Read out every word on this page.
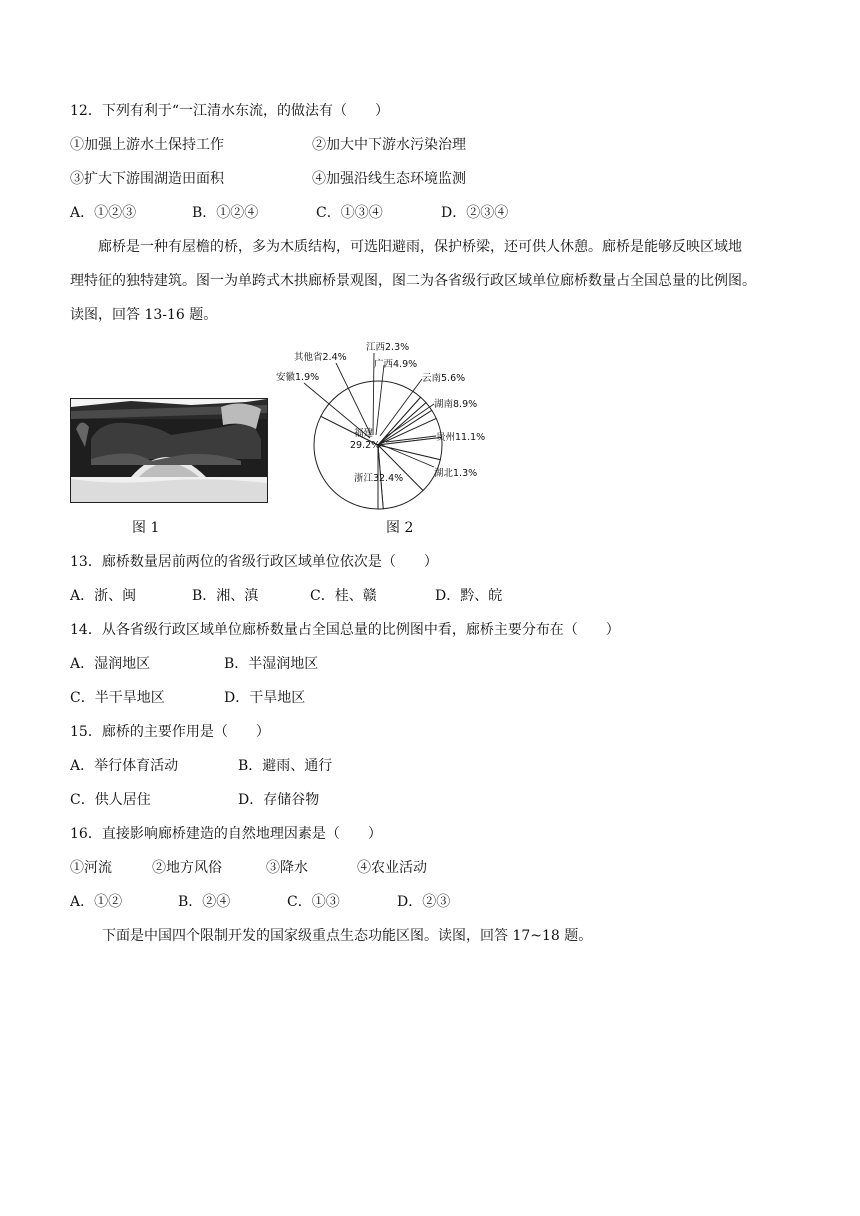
12．下列有利于“一江清水东流，的做法有（　　）
①加强上游水土保持工作	②加大中下游水污染治理
③扩大下游围湖造田面积	④加强沿线生态环境监测
A．①②③	B．①②④	C．①③④	D．②③④
廊桥是一种有屋檐的桥，多为木质结构，可选阳避雨，保护桥梁，还可供人休憩。廊桥是能够反映区域地
理特征的独特建筑。图一为单跨式木拱廊桥景观图，图二为各省级行政区域单位廊桥数量占全国总量的比例图。
读图，回答 13-16 题。
福建
29.2%
浙江32.4%
安徽1.9%
其他省2.4%
江西2.3%
广西4.9%
云南5.6%
湖南8.9%
贵州11.1%
湖北1.3%
图 1	图 2
13．廊桥数量居前两位的省级行政区域单位依次是（　　）
A．浙、闽	B．湘、滇	C．桂、赣	D．黔、皖
14．从各省级行政区域单位廊桥数量占全国总量的比例图中看，廊桥主要分布在（　　）
A．湿润地区	B．半湿润地区
C．半干旱地区	D．干旱地区
15．廊桥的主要作用是（　　）
A．举行体育活动	B．避雨、通行
C．供人居住	D．存储谷物
16．直接影响廊桥建造的自然地理因素是（　　）
①河流	②地方风俗	③降水	④农业活动
A．①②	B．②④	C．①③	D．②③
下面是中国四个限制开发的国家级重点生态功能区图。读图，回答 17~18 题。
